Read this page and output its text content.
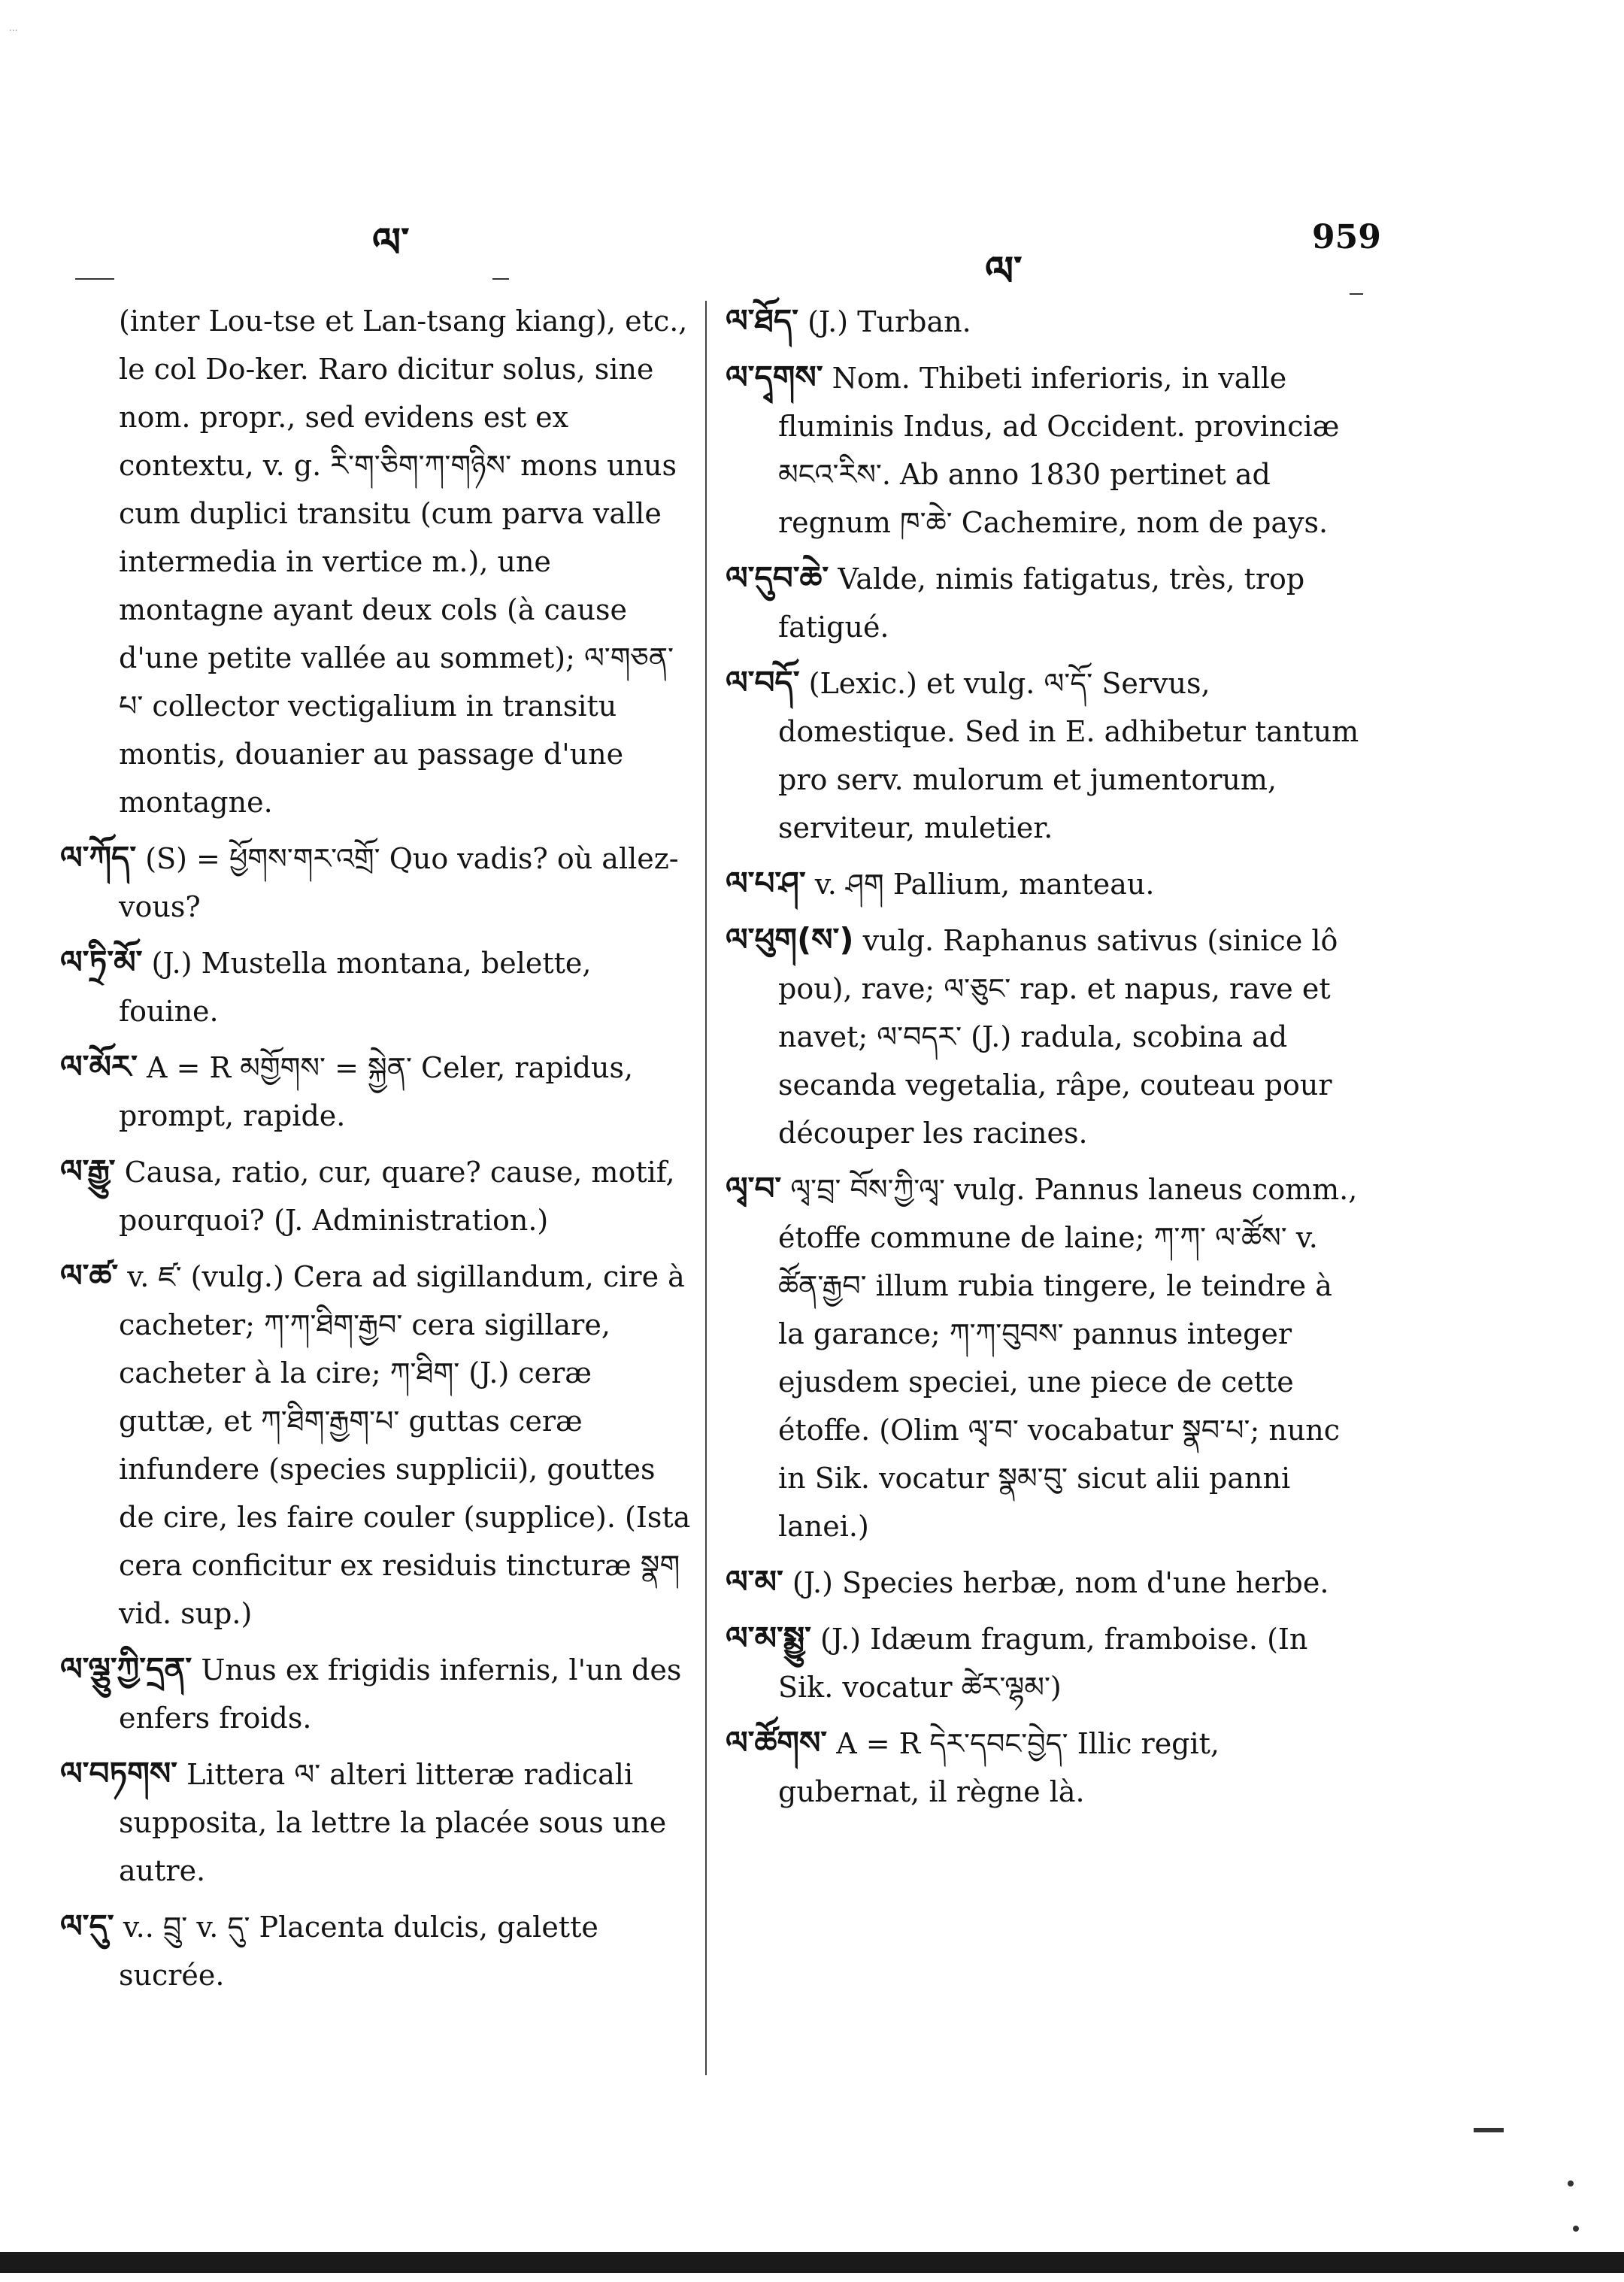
...
ལ་
ལ་
959
(inter Lou-tse et Lan-tsang kiang), etc., le col Do-ker. Raro dicitur solus, sine nom. propr., sed evidens est ex contextu, v. g. རི་ག་ཅིག་ཀ་གཉིས་ mons unus cum duplici transitu (cum parva valle intermedia in vertice m.), une montagne ayant deux cols (à cause d'une petite vallée au sommet); ལ་གཅན་པ་ collector vectigalium in transitu montis, douanier au passage d'une montagne.
ལ་ཀོད་ (S) = ཕྱོགས་གར་འགྲོ་ Quo vadis? où allez-vous?
ལ་ཏྲི་མོ་ (J.) Mustella montana, belette, fouine.
ལ་མོར་ A = R མགྱོགས་ = སྐྱེན་ Celer, rapidus, prompt, rapide.
ལ་རྒྱུ་ Causa, ratio, cur, quare? cause, motif, pourquoi? (J. Administration.)
ལ་ཚ་ v. ཛ་ (vulg.) Cera ad sigillandum, cire à cacheter; ཀ་ཀ་ཐིག་རྒྱབ་ cera sigillare, cacheter à la cire; ཀ་ཐིག་ (J.) ceræ guttæ, et ཀ་ཐིག་རྒྱག་པ་ guttas ceræ infundere (species supplicii), gouttes de cire, les faire couler (supplice). (Ista cera conficitur ex residuis tincturæ སྣག vid. sup.)
ལ་ལྕུ་ཀྱི་དྲན་ Unus ex frigidis infernis, l'un des enfers froids.
ལ་བཏགས་ Littera ལ་ alteri litteræ radicali supposita, la lettre la placée sous une autre.
ལ་དུ་ v.. བྲུ་ v. དུ་ Placenta dulcis, galette sucrée.
ལ་ཐོད་ (J.) Turban.
ལ་དྭགས་ Nom. Thibeti inferioris, in valle fluminis Indus, ad Occident. provinciæ མངའ་རིས་. Ab anno 1830 pertinet ad regnum ཁ་ཆེ་ Cachemire, nom de pays.
ལ་དུབ་ཆེ་ Valde, nimis fatigatus, très, trop fatigué.
ལ་བདོ་ (Lexic.) et vulg. ལ་དོ་ Servus, domestique. Sed in E. adhibetur tantum pro serv. mulorum et jumentorum, serviteur, muletier.
ལ་པ་ཤ་ v. ཤག Pallium, manteau.
ལ་ཕུག(ས་) vulg. Raphanus sativus (sinice lô pou), rave; ལ་ཅུང་ rap. et napus, rave et navet; ལ་བདར་ (J.) radula, scobina ad secanda vegetalia, râpe, couteau pour découper les racines.
ལྭ་བ་ ལྭ་བྲ་ བོས་ཀྱི་ལྭ་ vulg. Pannus laneus comm., étoffe commune de laine; ཀ་ཀ་ ལ་ཚོས་ v. ཚོན་རྒྱབ་ illum rubia tingere, le teindre à la garance; ཀ་ཀ་བུབས་ pannus integer ejusdem speciei, une piece de cette étoffe. (Olim ལྭ་བ་ vocabatur སྣབ་པ་; nunc in Sik. vocatur སྣམ་བུ་ sicut alii panni lanei.)
ལ་མ་ (J.) Species herbæ, nom d'une herbe.
ལ་མ་སྨྱུ་ (J.) Idæum fragum, framboise. (In Sik. vocatur ཚེར་ལྷམ་)
ལ་ཚོགས་ A = R དེར་དབང་བྱེད་ Illic regit, gubernat, il règne là.
